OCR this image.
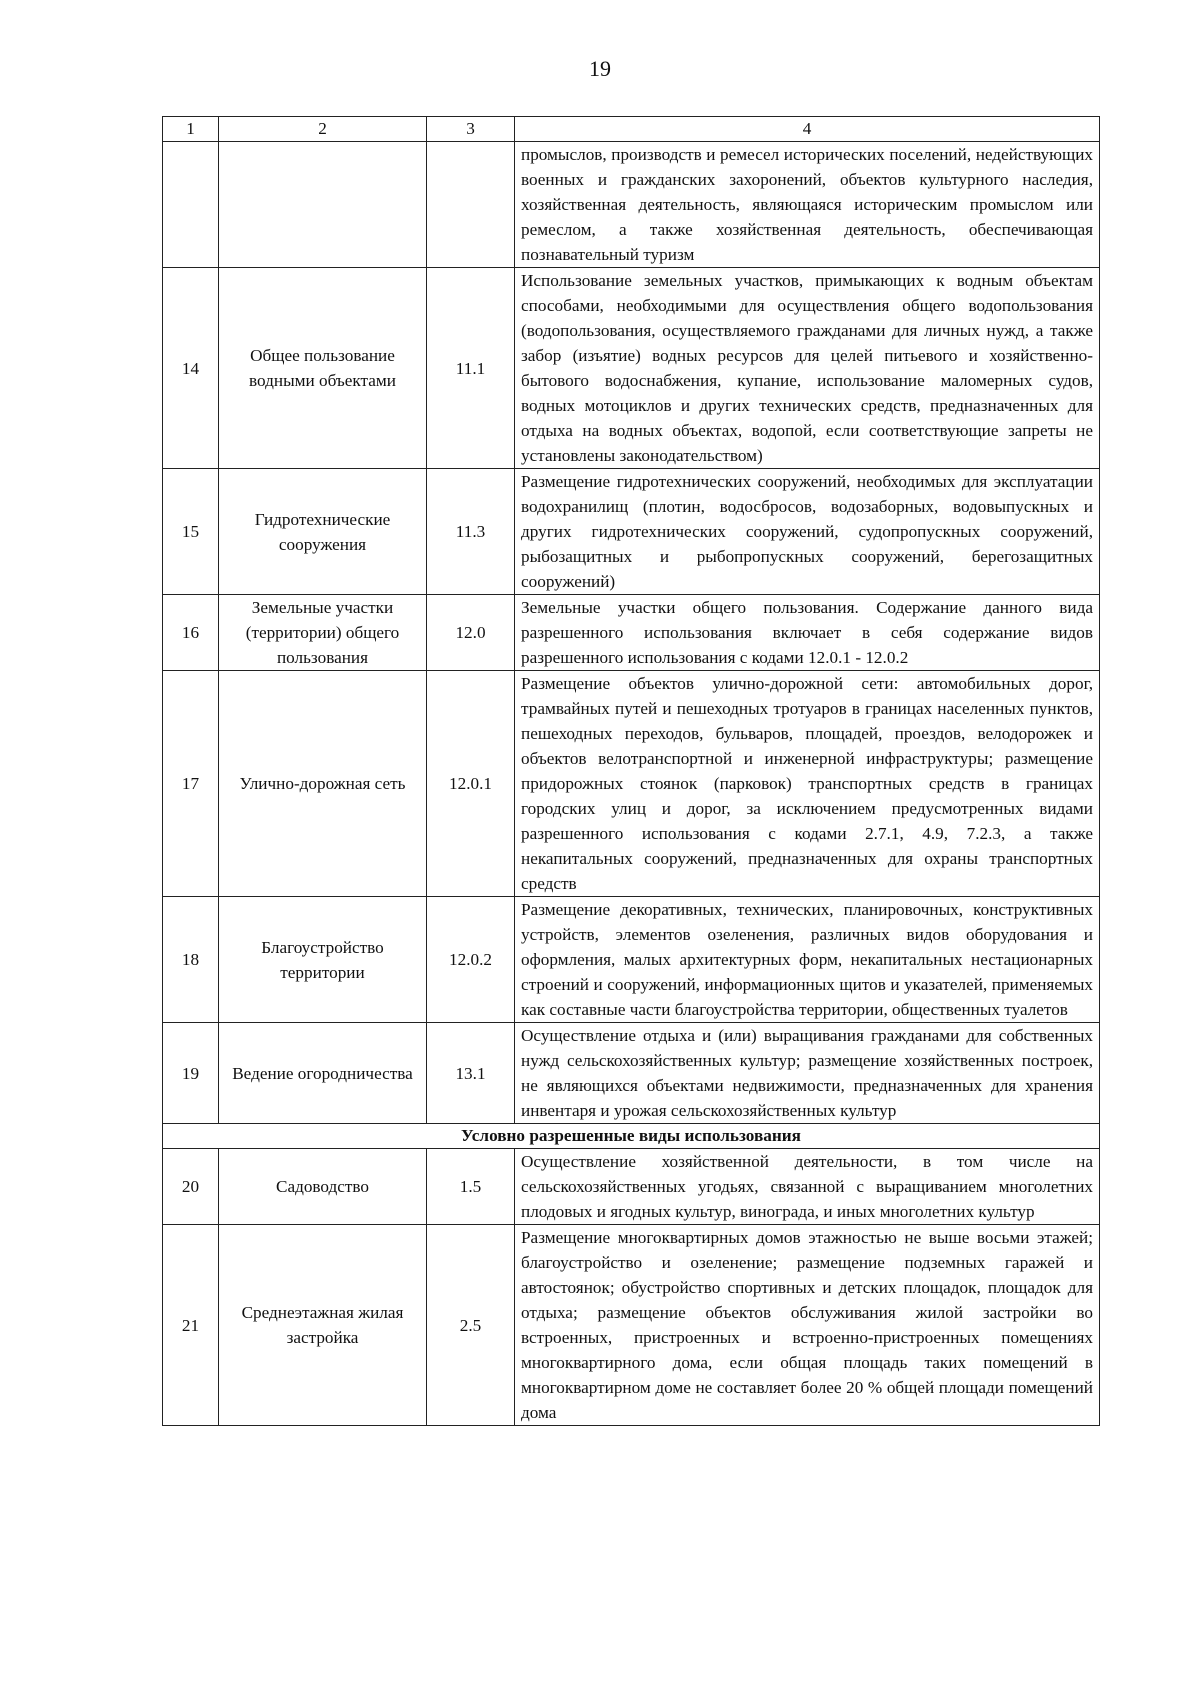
19
1	2	3	4
			промыслов, производств и ремесел исторических поселений, недействующих военных и гражданских захоронений, объектов культурного наследия, хозяйственная деятельность, являющаяся историческим промыслом или ремеслом, а также хозяйственная деятельность, обеспечивающая познавательный туризм
14	Общее пользование водными объектами	11.1	Использование земельных участков, примыкающих к водным объектам способами, необходимыми для осуществления общего водопользования (водопользования, осуществляемого гражданами для личных нужд, а также забор (изъятие) водных ресурсов для целей питьевого и хозяйственно-бытового водоснабжения, купание, использование маломерных судов, водных мотоциклов и других технических средств, предназначенных для отдыха на водных объектах, водопой, если соответствующие запреты не установлены законодательством)
15	Гидротехнические сооружения	11.3	Размещение гидротехнических сооружений, необходимых для эксплуатации водохранилищ (плотин, водосбросов, водозаборных, водовыпускных и других гидротехнических сооружений, судопропускных сооружений, рыбозащитных и рыбопропускных сооружений, берегозащитных сооружений)
16	Земельные участки (территории) общего пользования	12.0	Земельные участки общего пользования. Содержание данного вида разрешенного использования включает в себя содержание видов разрешенного использования с кодами 12.0.1 - 12.0.2
17	Улично-дорожная сеть	12.0.1	Размещение объектов улично-дорожной сети: автомобильных дорог, трамвайных путей и пешеходных тротуаров в границах населенных пунктов, пешеходных переходов, бульваров, площадей, проездов, велодорожек и объектов велотранспортной и инженерной инфраструктуры; размещение придорожных стоянок (парковок) транспортных средств в границах городских улиц и дорог, за исключением предусмотренных видами разрешенного использования с кодами 2.7.1, 4.9, 7.2.3, а также некапитальных сооружений, предназначенных для охраны транспортных средств
18	Благоустройство территории	12.0.2	Размещение декоративных, технических, планировочных, конструктивных устройств, элементов озеленения, различных видов оборудования и оформления, малых архитектурных форм, некапитальных нестационарных строений и сооружений, информационных щитов и указателей, применяемых как составные части благоустройства территории, общественных туалетов
19	Ведение огородничества	13.1	Осуществление отдыха и (или) выращивания гражданами для собственных нужд сельскохозяйственных культур; размещение хозяйственных построек, не являющихся объектами недвижимости, предназначенных для хранения инвентаря и урожая сельскохозяйственных культур
Условно разрешенные виды использования			
20	Садоводство	1.5	Осуществление хозяйственной деятельности, в том числе на сельскохозяйственных угодьях, связанной с выращиванием многолетних плодовых и ягодных культур, винограда, и иных многолетних культур
21	Среднеэтажная жилая застройка	2.5	Размещение многоквартирных домов этажностью не выше восьми этажей; благоустройство и озеленение; размещение подземных гаражей и автостоянок; обустройство спортивных и детских площадок, площадок для отдыха; размещение объектов обслуживания жилой застройки во встроенных, пристроенных и встроенно-пристроенных помещениях многоквартирного дома, если общая площадь таких помещений в многоквартирном доме не составляет более 20 % общей площади помещений дома
